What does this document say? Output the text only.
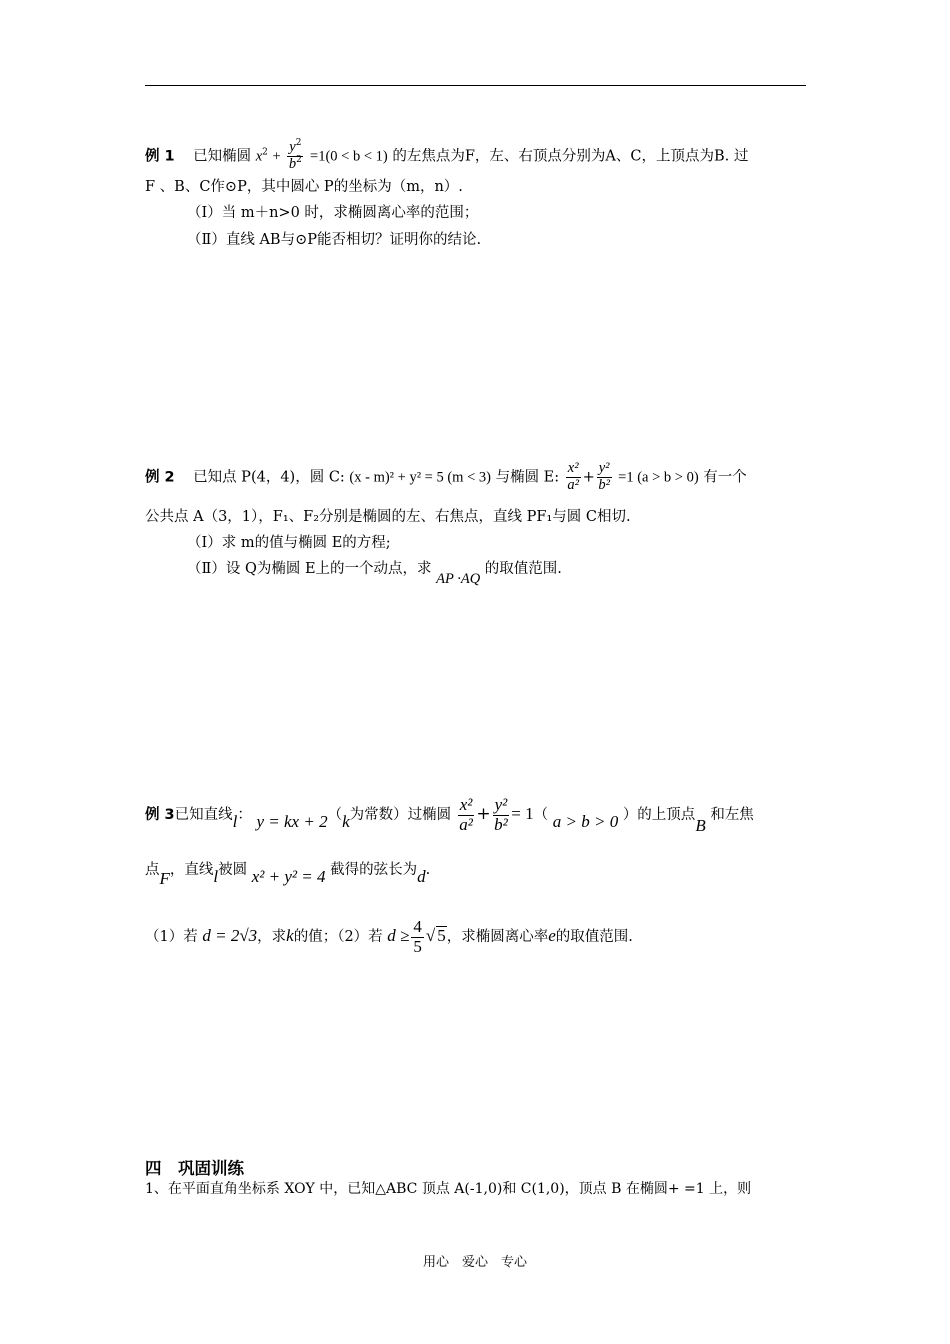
例 1 已知椭圆 $x^2 + \frac{y^2}{b^2} =1(0 < b < 1)$ 的左焦点为F，左、右顶点分别为A、C，上顶点为B. 过
F 、B、C作⊙P，其中圆心 P的坐标为（m，n）.
（Ⅰ）当 m＋n>0 时，求椭圆离心率的范围；
（Ⅱ）直线 AB与⊙P能否相切？证明你的结论.
例 2 已知点 P(4，4)，圆 C: (x - m)² + y² = 5 (m < 3) 与椭圆 E: $\frac{\text{x²}}{\text{a²}} + \frac{\text{y²}}{\text{b²}} =1$ (a > b > 0) 有一个
公共点 A（3，1），F₁、F₂分别是椭圆的左、右焦点，直线 PF₁与圆 C相切.
（Ⅰ）求 m的值与椭圆 E的方程;
（Ⅱ）设 Q为椭圆 E上的一个动点，求 AP ·AQ 的取值范围.
例 3已知直线l： y = kx + 2（k为常数）过椭圆 $\frac{\text{x²}}{\text{a²}} + \frac{\text{y²}}{\text{b²}} = 1$（ a > b > 0 ）的上顶点B 和左焦
点F，直线l被圆 x² + y² = 4 截得的弦长为d.
（1）若 d = 2√3，求k的值；（2）若 $d \ge \frac{4}{5}$ √ 5，求椭圆离心率e的取值范围.
四　巩固训练
1、在平面直角坐标系 XOY 中，已知△ABC 顶点 A(-1,0)和 C(1,0)，顶点 B 在椭圆+ =1 上，则
用心　爱心　专心
